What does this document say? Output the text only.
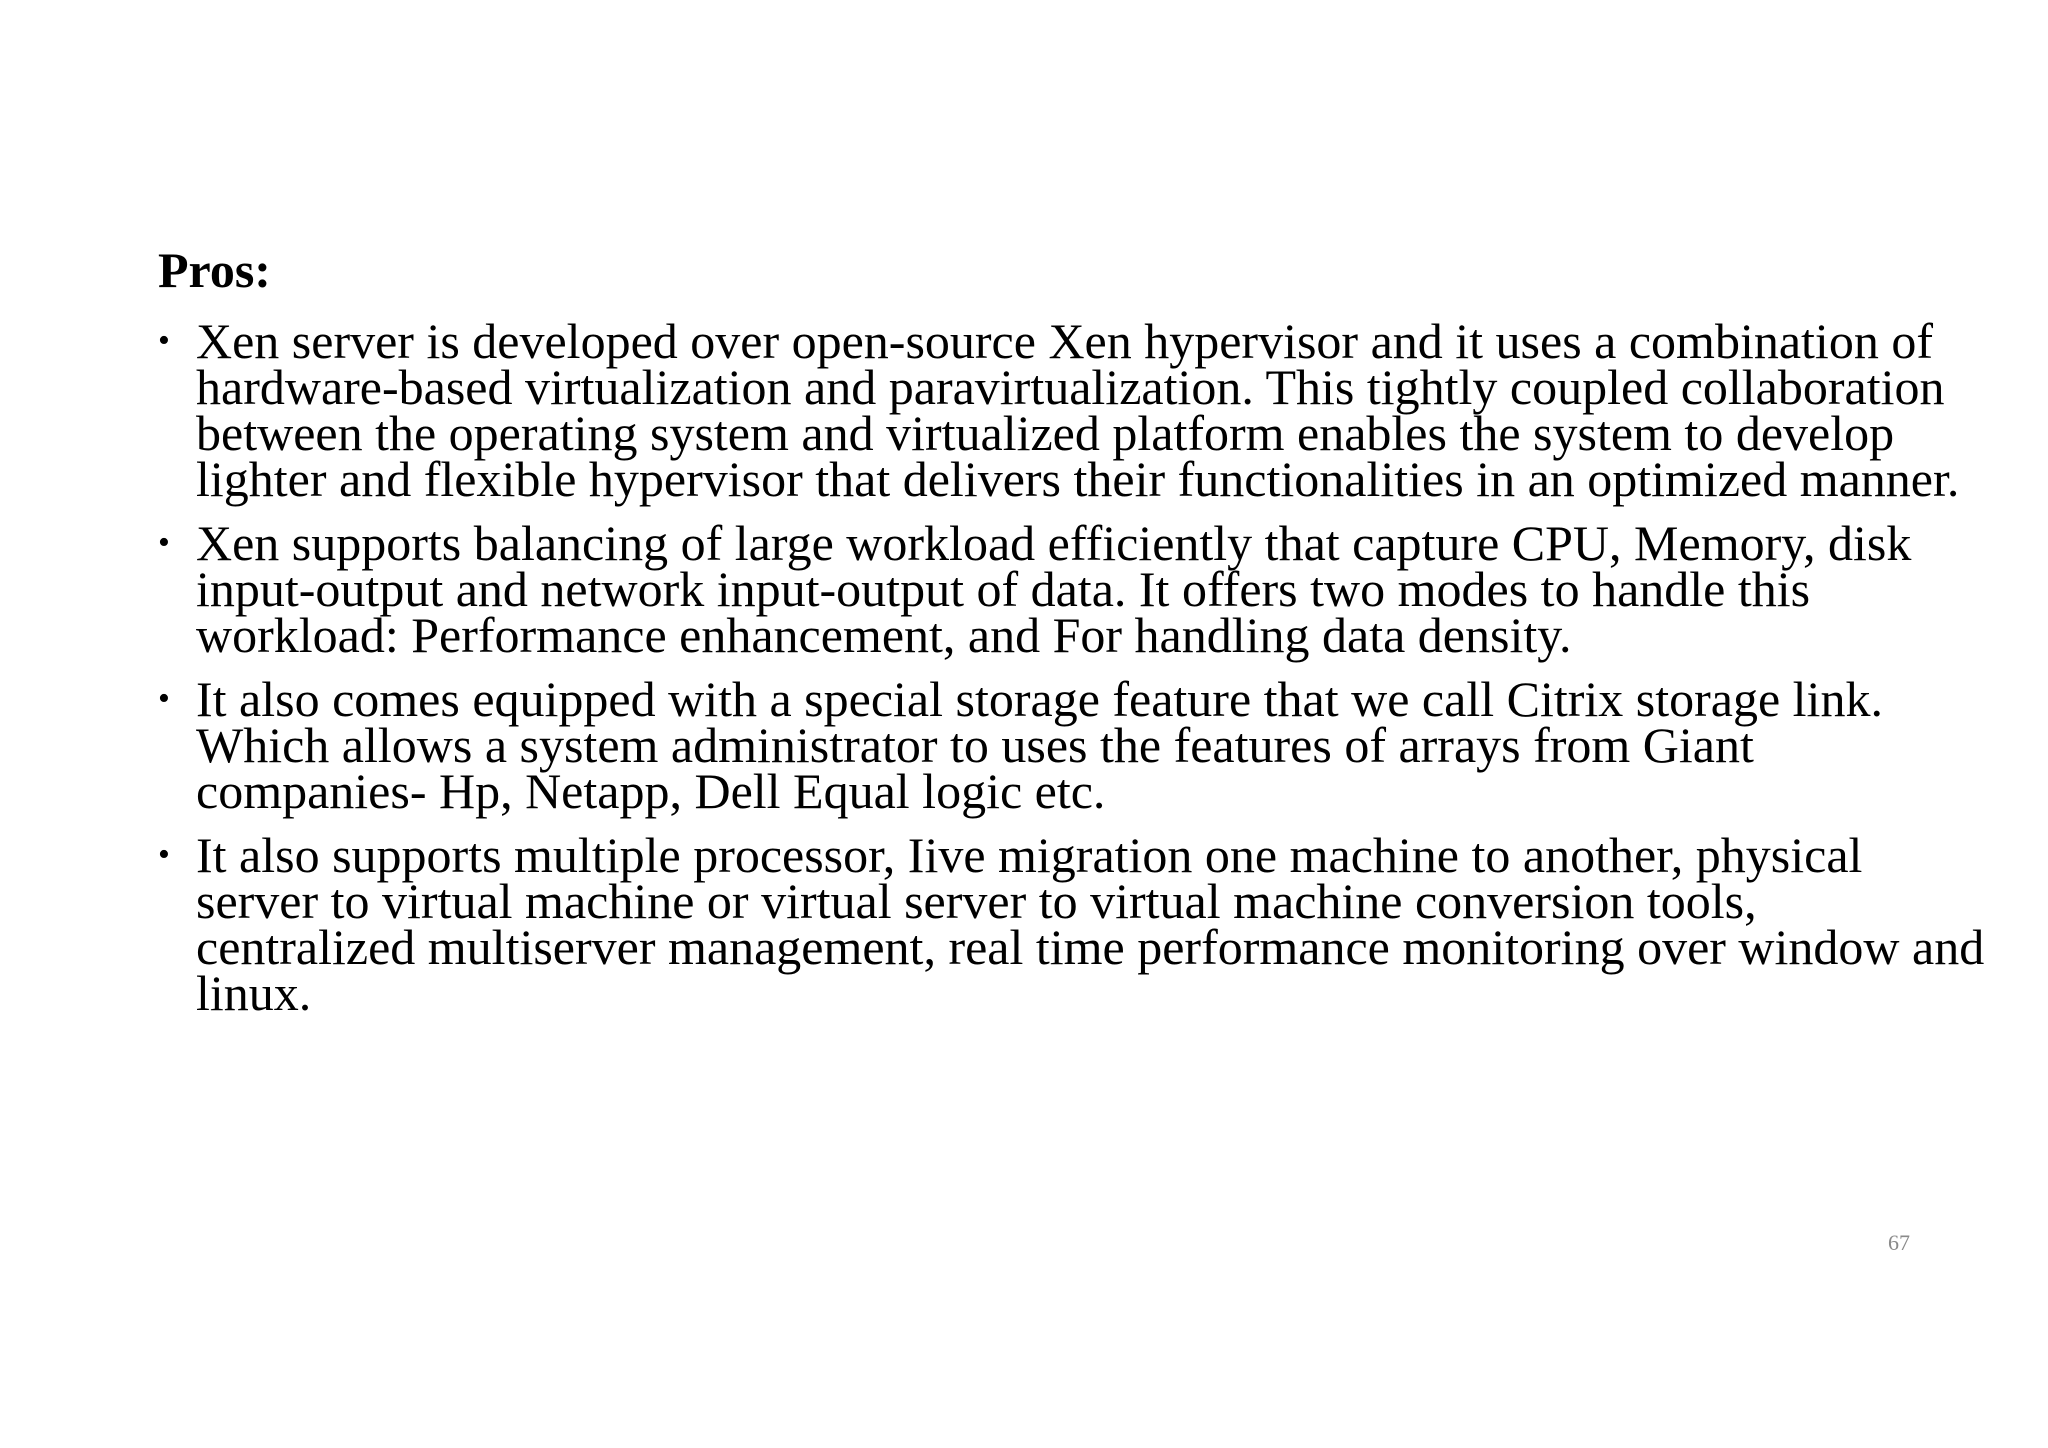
Pros:
• Xen server is developed over open-source Xen hypervisor and it uses a combination of hardware-based virtualization and paravirtualization. This tightly coupled collaboration between the operating system and virtualized platform enables the system to develop lighter and flexible hypervisor that delivers their functionalities in an optimized manner.
• Xen supports balancing of large workload efficiently that capture CPU, Memory, disk input-output and network input-output of data. It offers two modes to handle this workload: Performance enhancement, and For handling data density.
• It also comes equipped with a special storage feature that we call Citrix storage link. Which allows a system administrator to uses the features of arrays from Giant companies- Hp, Netapp, Dell Equal logic etc.
• It also supports multiple processor, Iive migration one machine to another, physical server to virtual machine or virtual server to virtual machine conversion tools, centralized multiserver management, real time performance monitoring over window and linux.
67
